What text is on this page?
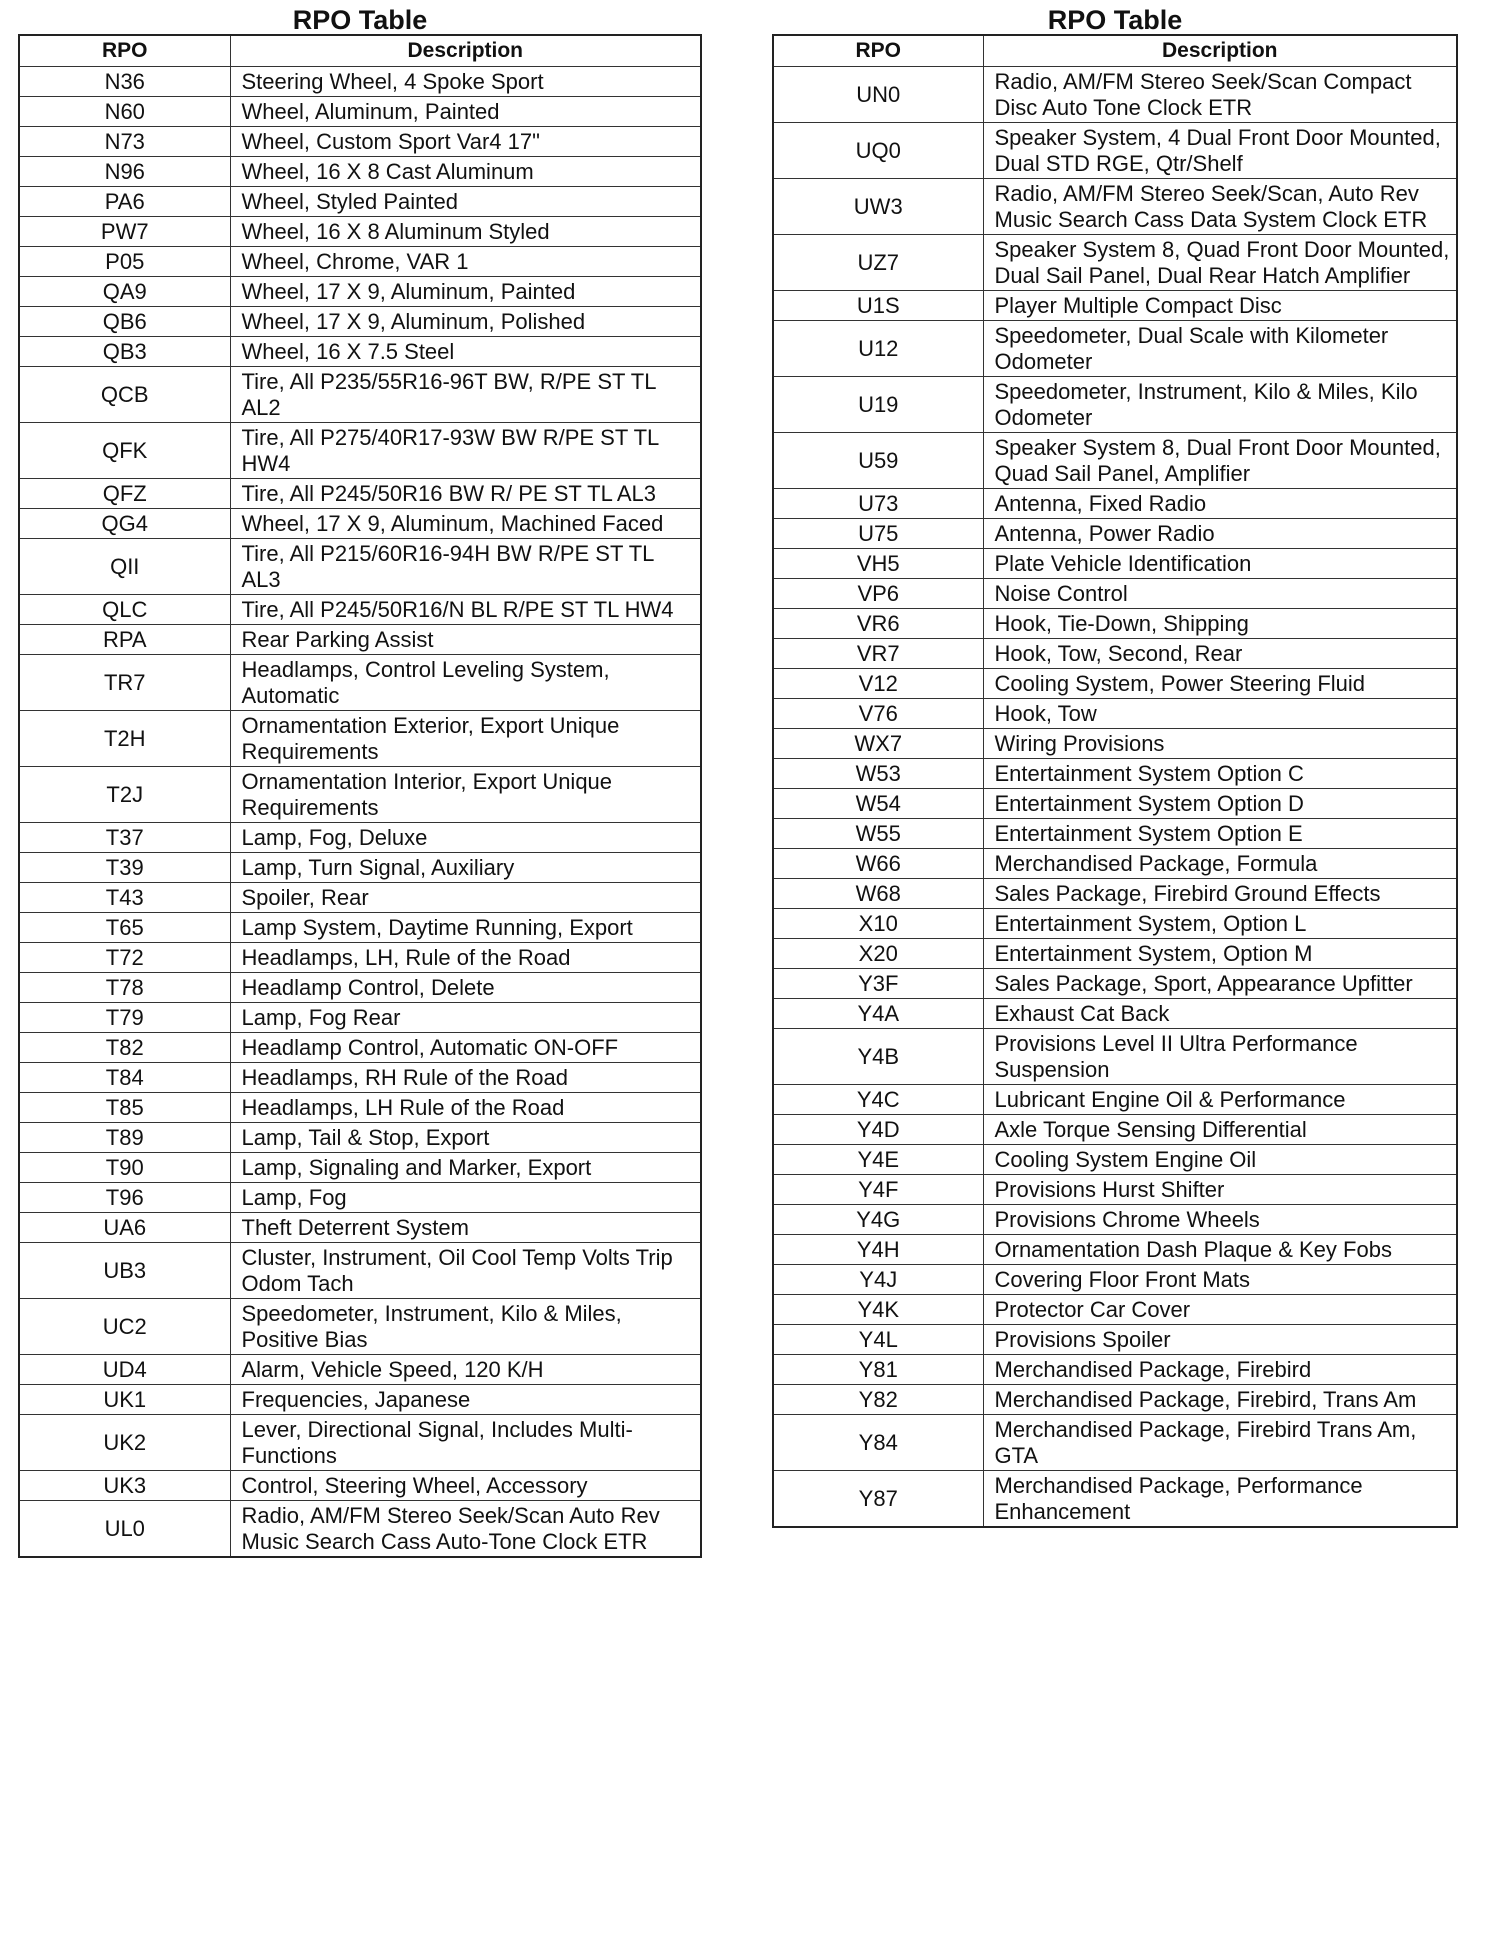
RPO Table
RPO	Description
N36	Steering Wheel, 4 Spoke Sport
N60	Wheel, Aluminum, Painted
N73	Wheel, Custom Sport Var4 17"
N96	Wheel, 16 X 8 Cast Aluminum
PA6	Wheel, Styled Painted
PW7	Wheel, 16 X 8 Aluminum Styled
P05	Wheel, Chrome, VAR 1
QA9	Wheel, 17 X 9, Aluminum, Painted
QB6	Wheel, 17 X 9, Aluminum, Polished
QB3	Wheel, 16 X 7.5 Steel
QCB	Tire, All P235/55R16-96T BW, R/PE ST TL AL2
QFK	Tire, All P275/40R17-93W BW R/PE ST TL HW4
QFZ	Tire, All P245/50R16 BW R/ PE ST TL AL3
QG4	Wheel, 17 X 9, Aluminum, Machined Faced
QII	Tire, All P215/60R16-94H BW R/PE ST TL AL3
QLC	Tire, All P245/50R16/N BL R/PE ST TL HW4
RPA	Rear Parking Assist
TR7	Headlamps, Control Leveling System, Automatic
T2H	Ornamentation Exterior, Export Unique Requirements
T2J	Ornamentation Interior, Export Unique Requirements
T37	Lamp, Fog, Deluxe
T39	Lamp, Turn Signal, Auxiliary
T43	Spoiler, Rear
T65	Lamp System, Daytime Running, Export
T72	Headlamps, LH, Rule of the Road
T78	Headlamp Control, Delete
T79	Lamp, Fog Rear
T82	Headlamp Control, Automatic ON-OFF
T84	Headlamps, RH Rule of the Road
T85	Headlamps, LH Rule of the Road
T89	Lamp, Tail & Stop, Export
T90	Lamp, Signaling and Marker, Export
T96	Lamp, Fog
UA6	Theft Deterrent System
UB3	Cluster, Instrument, Oil Cool Temp Volts Trip Odom Tach
UC2	Speedometer, Instrument, Kilo & Miles, Positive Bias
UD4	Alarm, Vehicle Speed, 120 K/H
UK1	Frequencies, Japanese
UK2	Lever, Directional Signal, Includes Multi-Functions
UK3	Control, Steering Wheel, Accessory
UL0	Radio, AM/FM Stereo Seek/Scan Auto Rev Music Search Cass Auto-Tone Clock ETR
RPO Table
RPO	Description
UN0	Radio, AM/FM Stereo Seek/Scan Compact Disc Auto Tone Clock ETR
UQ0	Speaker System, 4 Dual Front Door Mounted, Dual STD RGE, Qtr/Shelf
UW3	Radio, AM/FM Stereo Seek/Scan, Auto Rev Music Search Cass Data System Clock ETR
UZ7	Speaker System 8, Quad Front Door Mounted, Dual Sail Panel, Dual Rear Hatch Amplifier
U1S	Player Multiple Compact Disc
U12	Speedometer, Dual Scale with Kilometer Odometer
U19	Speedometer, Instrument, Kilo & Miles, Kilo Odometer
U59	Speaker System 8, Dual Front Door Mounted, Quad Sail Panel, Amplifier
U73	Antenna, Fixed Radio
U75	Antenna, Power Radio
VH5	Plate Vehicle Identification
VP6	Noise Control
VR6	Hook, Tie-Down, Shipping
VR7	Hook, Tow, Second, Rear
V12	Cooling System, Power Steering Fluid
V76	Hook, Tow
WX7	Wiring Provisions
W53	Entertainment System Option C
W54	Entertainment System Option D
W55	Entertainment System Option E
W66	Merchandised Package, Formula
W68	Sales Package, Firebird Ground Effects
X10	Entertainment System, Option L
X20	Entertainment System, Option M
Y3F	Sales Package, Sport, Appearance Upfitter
Y4A	Exhaust Cat Back
Y4B	Provisions Level II Ultra Performance Suspension
Y4C	Lubricant Engine Oil & Performance
Y4D	Axle Torque Sensing Differential
Y4E	Cooling System Engine Oil
Y4F	Provisions Hurst Shifter
Y4G	Provisions Chrome Wheels
Y4H	Ornamentation Dash Plaque & Key Fobs
Y4J	Covering Floor Front Mats
Y4K	Protector Car Cover
Y4L	Provisions Spoiler
Y81	Merchandised Package, Firebird
Y82	Merchandised Package, Firebird, Trans Am
Y84	Merchandised Package, Firebird Trans Am, GTA
Y87	Merchandised Package, Performance Enhancement
